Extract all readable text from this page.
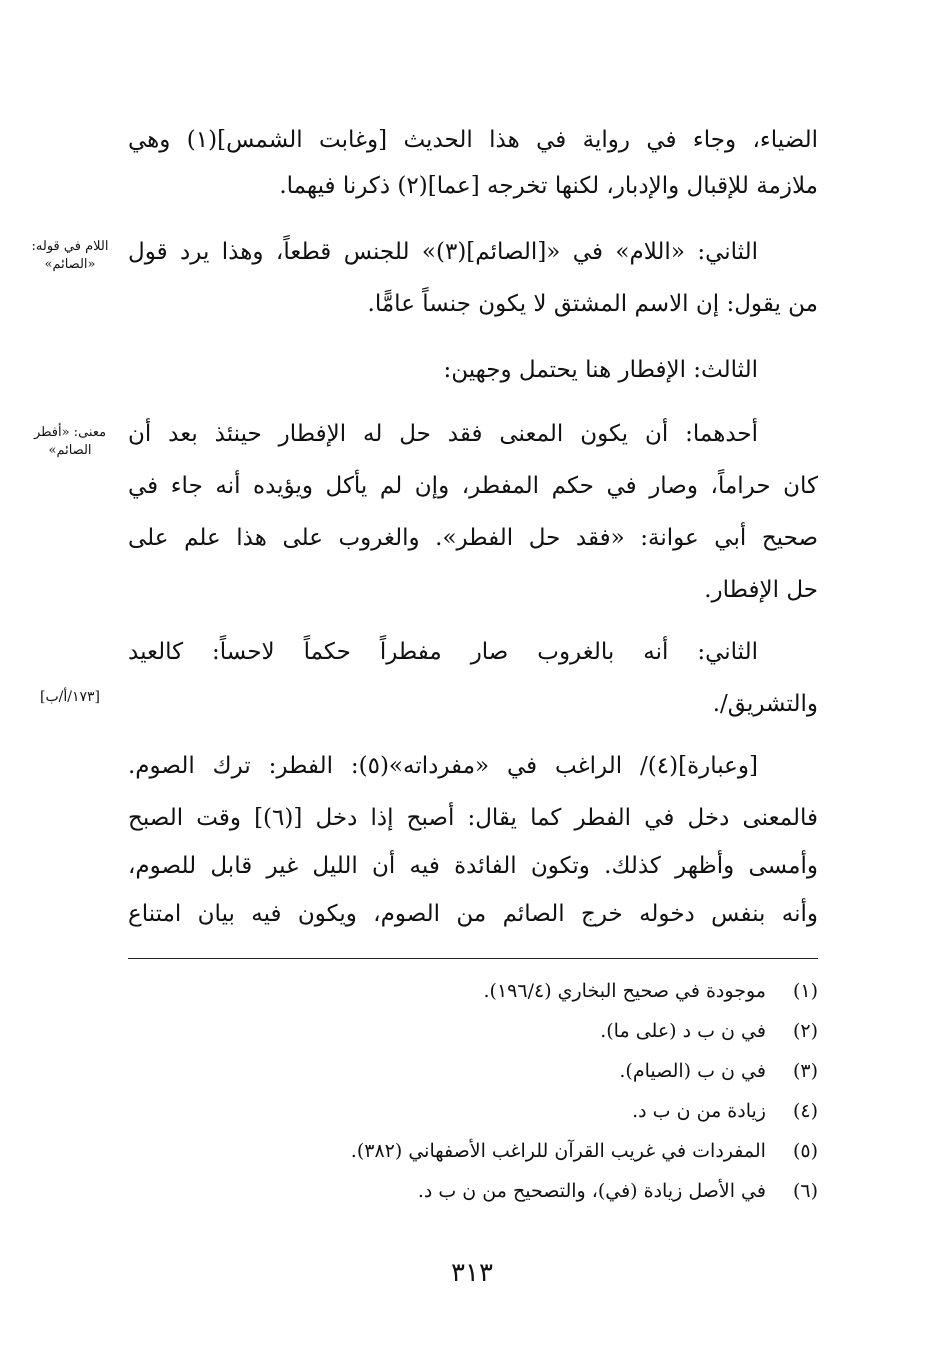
الضياء، وجاء في رواية في هذا الحديث [وغابت الشمس](١) وهي
ملازمة للإقبال والإدبار، لكنها تخرجه [عما](٢) ذكرنا فيهما.
الثاني: «اللام» في «[الصائم](٣)» للجنس قطعاً، وهذا يرد قول
من يقول: إن الاسم المشتق لا يكون جنساً عامًّا.
الثالث: الإفطار هنا يحتمل وجهين:
أحدهما: أن يكون المعنى فقد حل له الإفطار حينئذ بعد أن
كان حراماً، وصار في حكم المفطر، وإن لم يأكل ويؤيده أنه جاء في
صحيح أبي عوانة: «فقد حل الفطر». والغروب على هذا علم على
حل الإفطار.
الثاني: أنه بالغروب صار مفطراً حكماً لاحساً: كالعيد
والتشريق/.
[وعبارة](٤)/ الراغب في «مفرداته»(٥): الفطر: ترك الصوم.
فالمعنى دخل في الفطر كما يقال: أصبح إذا دخل [(٦)] وقت الصبح
وأمسى وأظهر كذلك. وتكون الفائدة فيه أن الليل غير قابل للصوم،
وأنه بنفس دخوله خرج الصائم من الصوم، ويكون فيه بيان امتناع
اللام في قوله: «الصائم»
معنى: «أفطر الصائم»
[١٧٣/أ/ب]
(١) موجودة في صحيح البخاري (١٩٦/٤).
(٢) في ن ب د (على ما).
(٣) في ن ب (الصيام).
(٤) زيادة من ن ب د.
(٥) المفردات في غريب القرآن للراغب الأصفهاني (٣٨٢).
(٦) في الأصل زيادة (في)، والتصحيح من ن ب د.
٣١٣
